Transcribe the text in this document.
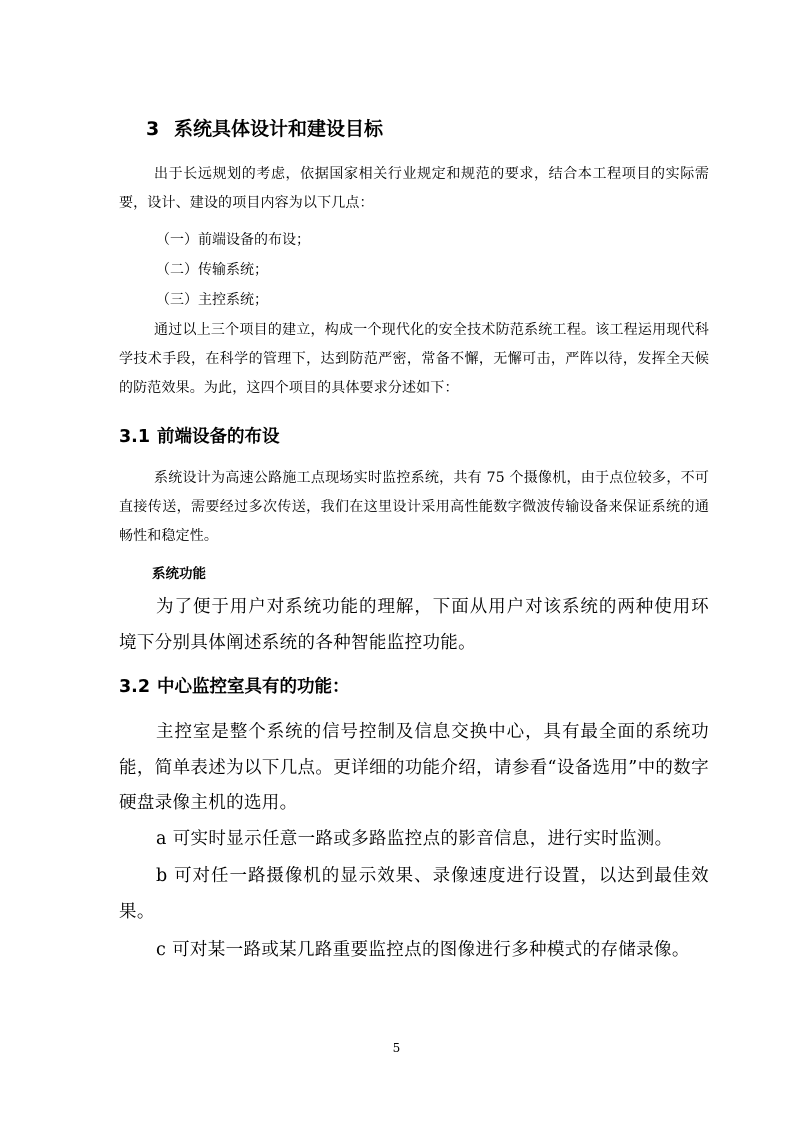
3 系统具体设计和建设目标

出于长远规划的考虑，依据国家相关行业规定和规范的要求，结合本工程项目的实际需要，设计、建设的项目内容为以下几点：

（一）前端设备的布设；

（二）传输系统；

（三）主控系统；

通过以上三个项目的建立，构成一个现代化的安全技术防范系统工程。该工程运用现代科学技术手段，在科学的管理下，达到防范严密，常备不懈，无懈可击，严阵以待，发挥全天候的防范效果。为此，这四个项目的具体要求分述如下：

3.1 前端设备的布设

系统设计为高速公路施工点现场实时监控系统，共有 75 个摄像机，由于点位较多，不可直接传送，需要经过多次传送，我们在这里设计采用高性能数字微波传输设备来保证系统的通畅性和稳定性。

系统功能

为了便于用户对系统功能的理解，下面从用户对该系统的两种使用环境下分别具体阐述系统的各种智能监控功能。

3.2 中心监控室具有的功能：

主控室是整个系统的信号控制及信息交换中心，具有最全面的系统功能，简单表述为以下几点。更详细的功能介绍，请参看“设备选用”中的数字硬盘录像主机的选用。

a 可实时显示任意一路或多路监控点的影音信息，进行实时监测。

b 可对任一路摄像机的显示效果、录像速度进行设置，以达到最佳效果。

c 可对某一路或某几路重要监控点的图像进行多种模式的存储录像。

5
